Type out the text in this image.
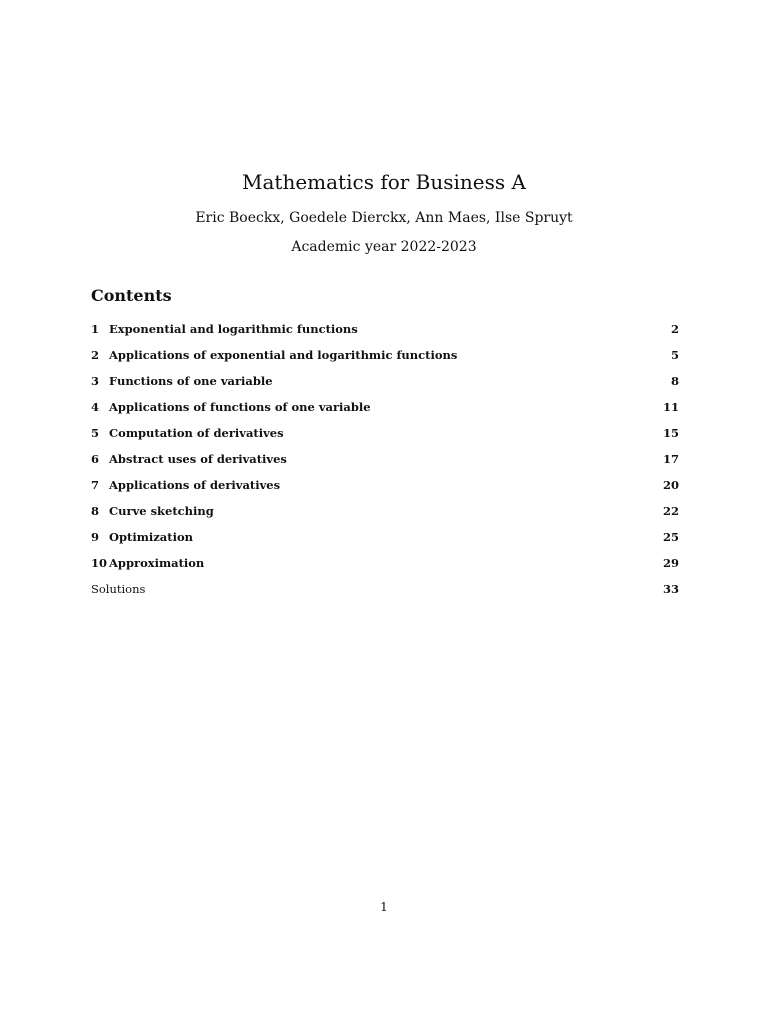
Mathematics for Business A

Eric Boeckx, Goedele Dierckx, Ann Maes, Ilse Spruyt

Academic year 2022-2023

Contents
1 Exponential and logarithmic functions	2
2 Applications of exponential and logarithmic functions	5
3 Functions of one variable	8
4 Applications of functions of one variable	11
5 Computation of derivatives	15
6 Abstract uses of derivatives	17
7 Applications of derivatives	20
8 Curve sketching	22
9 Optimization	25
10 Approximation	29
Solutions	33

1
